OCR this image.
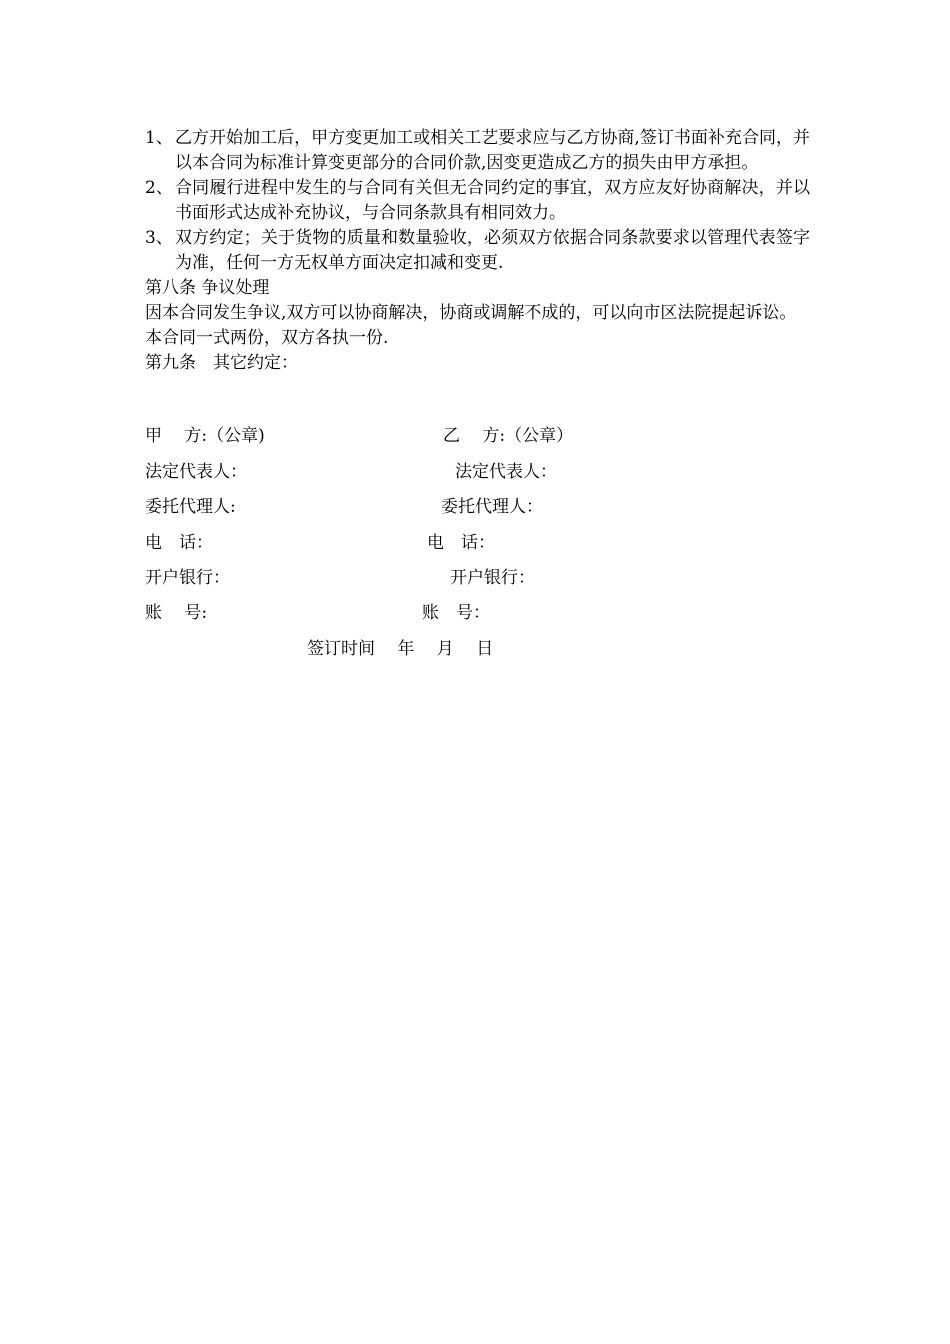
1、 乙方开始加工后，甲方变更加工或相关工艺要求应与乙方协商,签订书面补充合同，并以本合同为标准计算变更部分的合同价款,因变更造成乙方的损失由甲方承担。
2、 合同履行进程中发生的与合同有关但无合同约定的事宜，双方应友好协商解决，并以书面形式达成补充协议，与合同条款具有相同效力。
3、 双方约定；关于货物的质量和数量验收，必须双方依据合同条款要求以管理代表签字为准，任何一方无权单方面决定扣减和变更.

第八条 争议处理

因本合同发生争议,双方可以协商解决，协商或调解不成的，可以向市区法院提起诉讼。

本合同一式两份，双方各执一份.

第九条　其它约定：

甲　 方:（公章)	乙　 方:（公章）
法定代表人：	法定代表人：
委托代理人:	委托代理人：
电　话：	电　话：
开户银行：	开户银行：
账　 号:	账　号：
签订时间　 年　 月　 日
